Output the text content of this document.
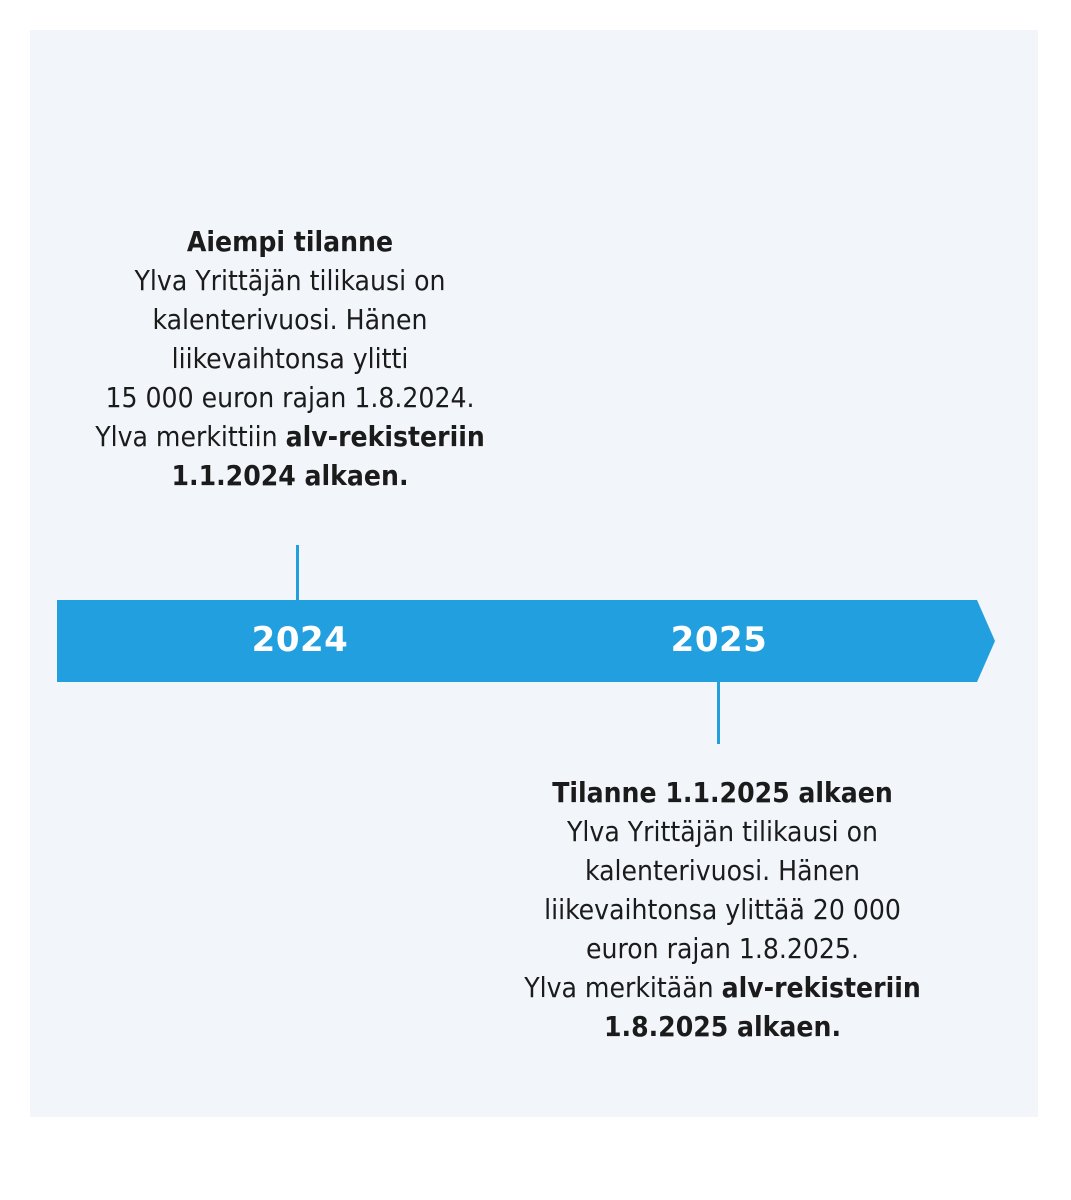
Aiempi tilanne
Ylva Yrittäjän tilikausi on
kalenterivuosi. Hänen
liikevaihtonsa ylitti
15 000 euron rajan 1.8.2024.
Ylva merkittiin alv-rekisteriin
1.1.2024 alkaen.
2024	2025
Tilanne 1.1.2025 alkaen
Ylva Yrittäjän tilikausi on
kalenterivuosi. Hänen
liikevaihtonsa ylittää 20 000
euron rajan 1.8.2025.
Ylva merkitään alv-rekisteriin
1.8.2025 alkaen.
